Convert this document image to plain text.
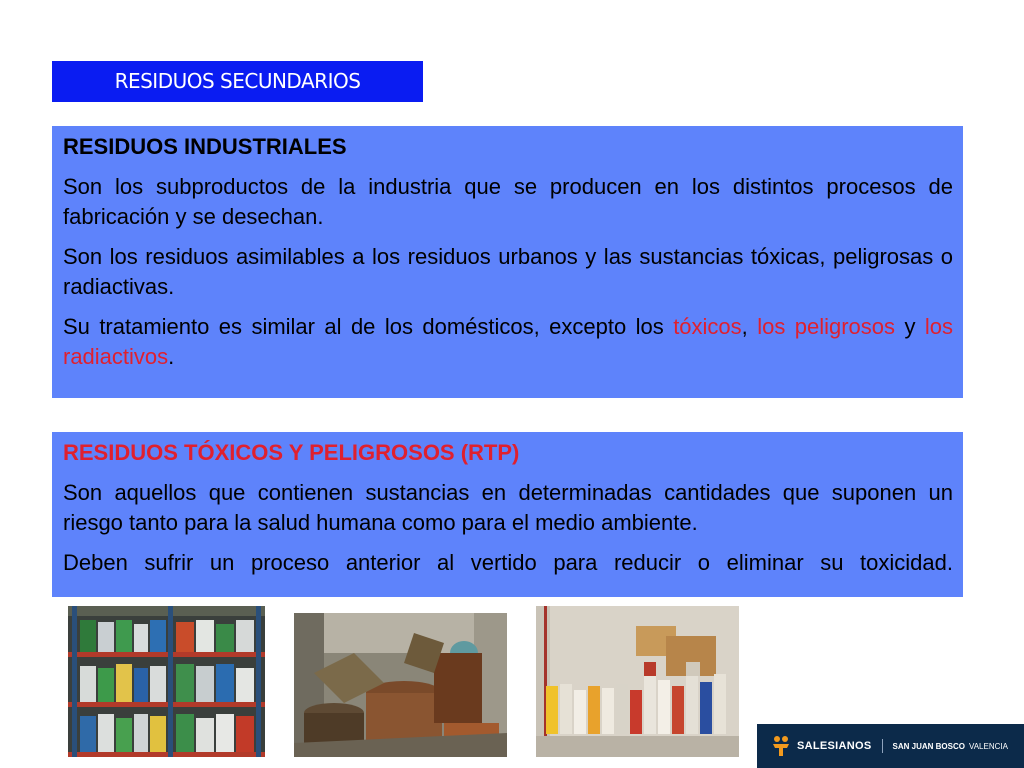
RESIDUOS SECUNDARIOS
RESIDUOS INDUSTRIALES

Son los subproductos de la industria que se producen en los distintos procesos de fabricación y se desechan.

Son los residuos asimilables a los residuos urbanos y las sustancias tóxicas, peligrosas o radiactivas.

Su tratamiento es similar al de los domésticos, excepto los tóxicos, los peligrosos y los radiactivos.

RESIDUOS TÓXICOS Y PELIGROSOS (RTP)

Son aquellos que contienen sustancias en determinadas cantidades que suponen un riesgo tanto para la salud humana como para el medio ambiente.

Deben sufrir un proceso anterior al vertido para reducir o eliminar su toxicidad.

SALESIANOS	SAN JUAN BOSCO VALENCIA
